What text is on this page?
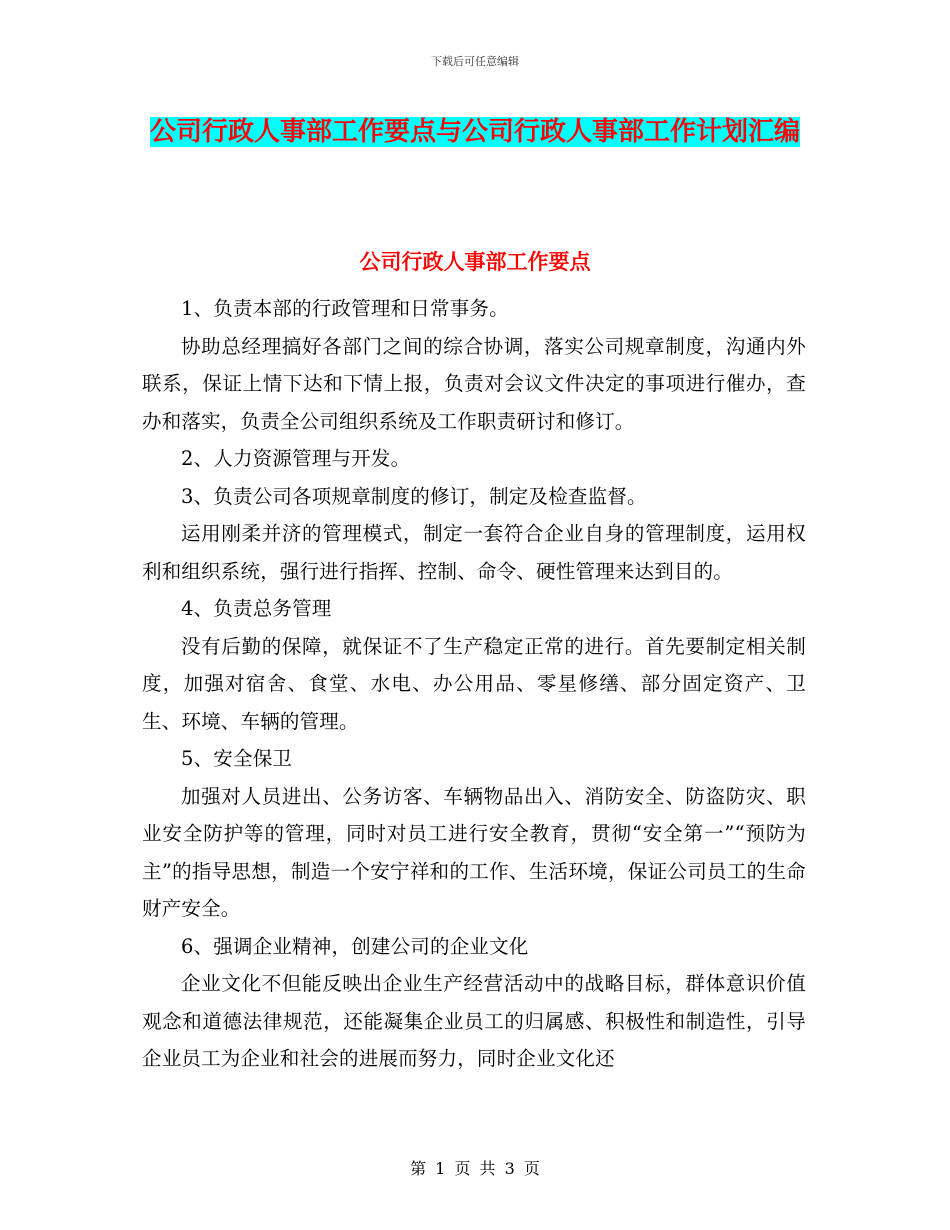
下载后可任意编辑
公司行政人事部工作要点与公司行政人事部工作计划汇编
公司行政人事部工作要点

1、负责本部的行政管理和日常事务。

协助总经理搞好各部门之间的综合协调，落实公司规章制度，沟通内外联系，保证上情下达和下情上报，负责对会议文件决定的事项进行催办，查办和落实，负责全公司组织系统及工作职责研讨和修订。

2、人力资源管理与开发。

3、负责公司各项规章制度的修订，制定及检查监督。

运用刚柔并济的管理模式，制定一套符合企业自身的管理制度，运用权利和组织系统，强行进行指挥、控制、命令、硬性管理来达到目的。

4、负责总务管理

没有后勤的保障，就保证不了生产稳定正常的进行。首先要制定相关制度，加强对宿舍、食堂、水电、办公用品、零星修缮、部分固定资产、卫生、环境、车辆的管理。

5、安全保卫

加强对人员进出、公务访客、车辆物品出入、消防安全、防盗防灾、职业安全防护等的管理，同时对员工进行安全教育，贯彻“安全第一”“预防为主”的指导思想，制造一个安宁祥和的工作、生活环境，保证公司员工的生命财产安全。

6、强调企业精神，创建公司的企业文化

企业文化不但能反映出企业生产经营活动中的战略目标，群体意识价值观念和道德法律规范，还能凝集企业员工的归属感、积极性和制造性，引导企业员工为企业和社会的进展而努力，同时企业文化还

第 1 页 共 3 页
